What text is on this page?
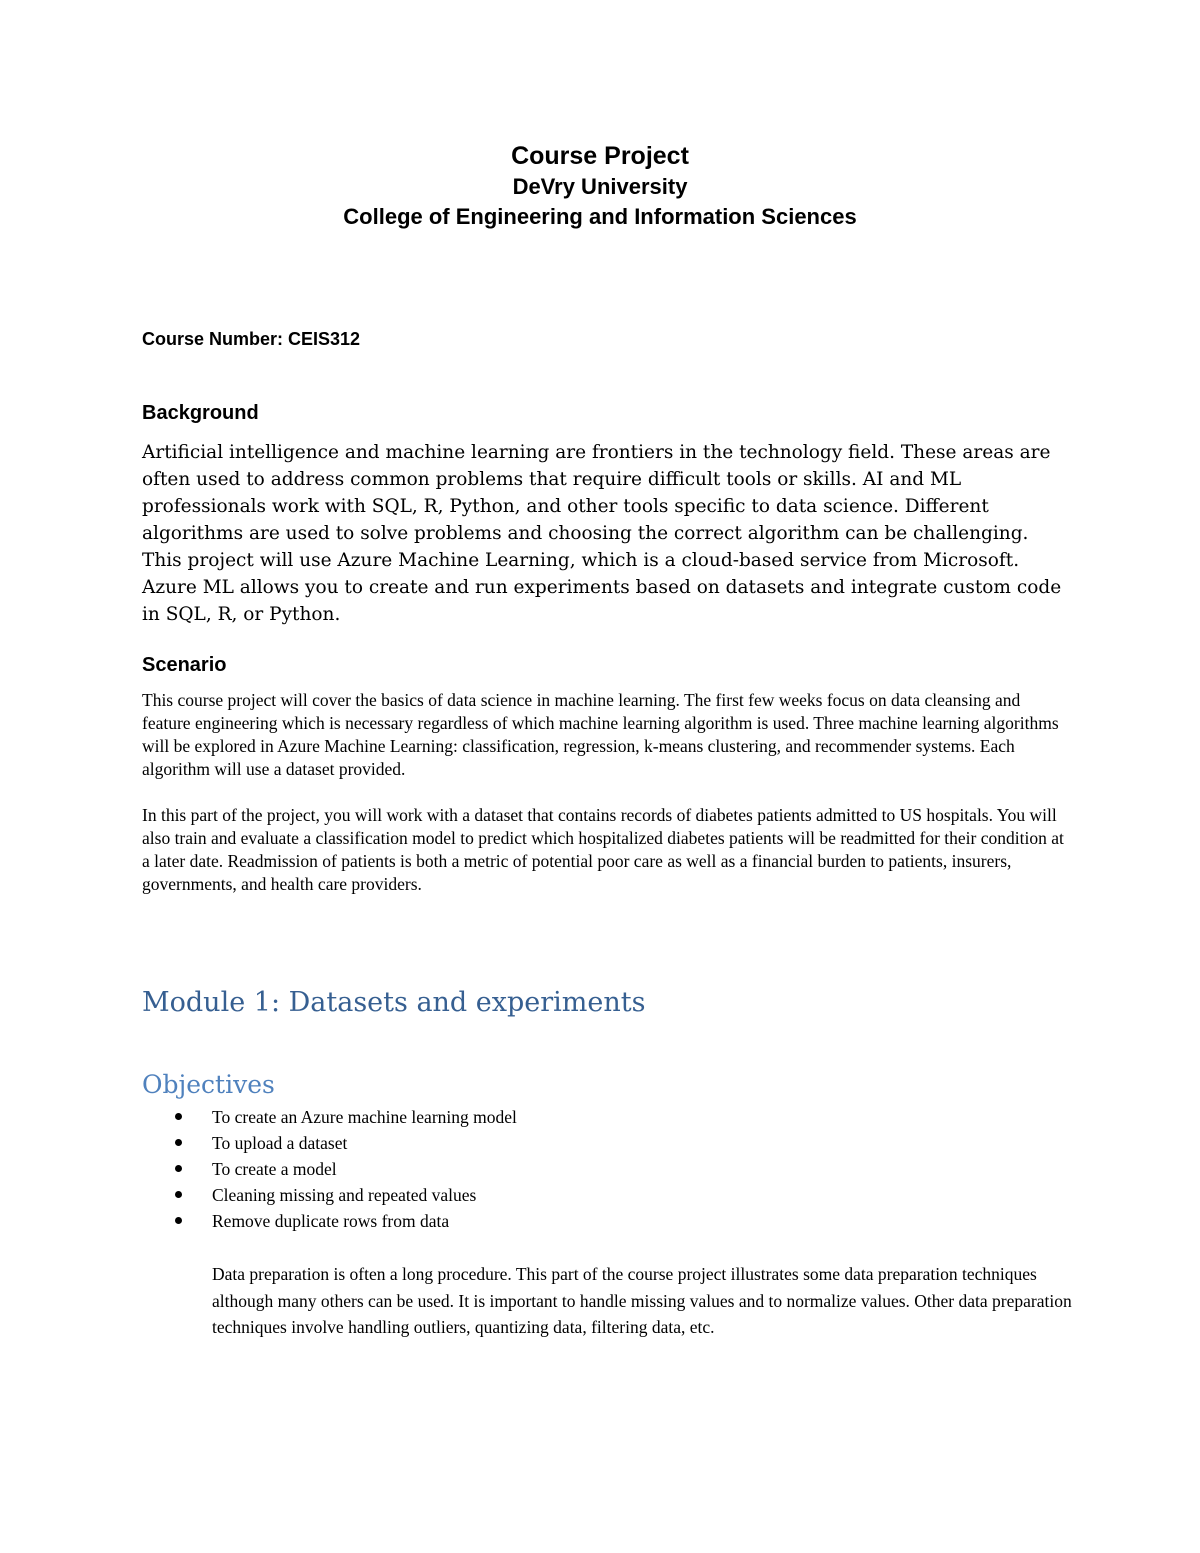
Course Project
DeVry University
College of Engineering and Information Sciences
Course Number: CEIS312
Background

Artificial intelligence and machine learning are frontiers in the technology field. These areas are often used to address common problems that require difficult tools or skills. AI and ML professionals work with SQL, R, Python, and other tools specific to data science. Different algorithms are used to solve problems and choosing the correct algorithm can be challenging. This project will use Azure Machine Learning, which is a cloud-based service from Microsoft. Azure ML allows you to create and run experiments based on datasets and integrate custom code in SQL, R, or Python.

Scenario

This course project will cover the basics of data science in machine learning. The first few weeks focus on data cleansing and feature engineering which is necessary regardless of which machine learning algorithm is used. Three machine learning algorithms will be explored in Azure Machine Learning: classification, regression, k-means clustering, and recommender systems. Each algorithm will use a dataset provided.

In this part of the project, you will work with a dataset that contains records of diabetes patients admitted to US hospitals. You will also train and evaluate a classification model to predict which hospitalized diabetes patients will be readmitted for their condition at a later date. Readmission of patients is both a metric of potential poor care as well as a financial burden to patients, insurers, governments, and health care providers.

Module 1: Datasets and experiments
Objectives
To create an Azure machine learning model
To upload a dataset
To create a model
Cleaning missing and repeated values
Remove duplicate rows from data

Data preparation is often a long procedure. This part of the course project illustrates some data preparation techniques although many others can be used. It is important to handle missing values and to normalize values. Other data preparation techniques involve handling outliers, quantizing data, filtering data, etc.
